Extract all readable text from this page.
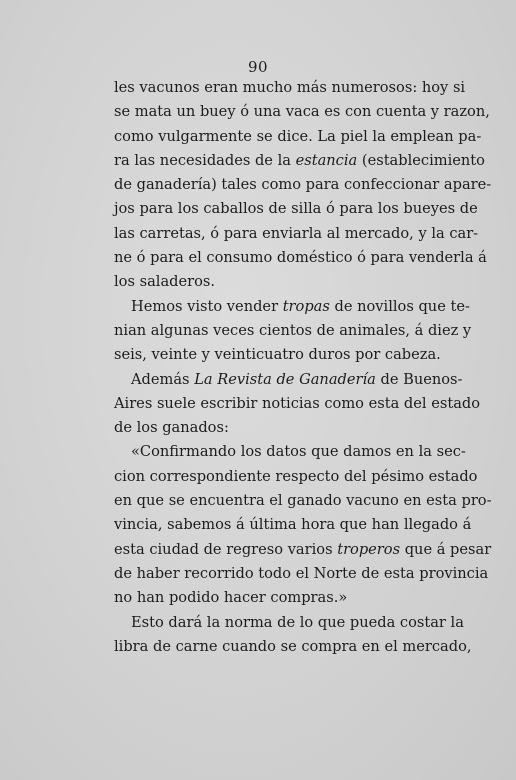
90
les vacunos eran mucho más numerosos: hoy si
se mata un buey ó una vaca es con cuenta y razon,
como vulgarmente se dice. La piel la emplean pa-
ra las necesidades de la estancia (establecimiento
de ganadería) tales como para confeccionar apare-
jos para los caballos de silla ó para los bueyes de
las carretas, ó para enviarla al mercado, y la car-
ne ó para el consumo doméstico ó para venderla á
los saladeros.
Hemos visto vender tropas de novillos que te-
nian algunas veces cientos de animales, á diez y
seis, veinte y veinticuatro duros por cabeza.
Además La Revista de Ganadería de Buenos-
Aires suele escribir noticias como esta del estado
de los ganados:
«Confirmando los datos que damos en la sec-
cion correspondiente respecto del pésimo estado
en que se encuentra el ganado vacuno en esta pro-
vincia, sabemos á última hora que han llegado á
esta ciudad de regreso varios troperos que á pesar
de haber recorrido todo el Norte de esta provincia
no han podido hacer compras.»
Esto dará la norma de lo que pueda costar la
libra de carne cuando se compra en el mercado,
